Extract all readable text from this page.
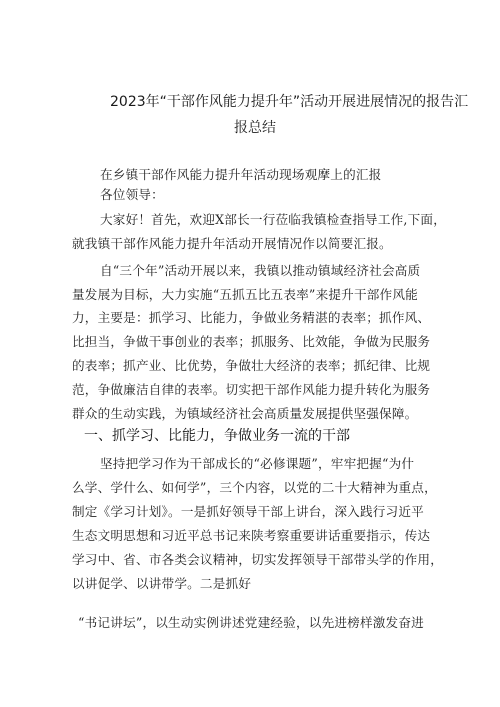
2023年“干部作风能力提升年”活动开展进展情况的报告汇
报总结
在乡镇干部作风能力提升年活动现场观摩上的汇报
各位领导：
大家好！首先，欢迎X部长一行莅临我镇检查指导工作,下面，
就我镇干部作风能力提升年活动开展情况作以简要汇报。
自“三个年”活动开展以来，我镇以推动镇域经济社会高质
量发展为目标，大力实施“五抓五比五表率”来提升干部作风能
力，主要是：抓学习、比能力，争做业务精湛的表率；抓作风、
比担当，争做干事创业的表率；抓服务、比效能，争做为民服务
的表率；抓产业、比优势，争做壮大经济的表率；抓纪律、比规
范，争做廉洁自律的表率。切实把干部作风能力提升转化为服务
群众的生动实践，为镇域经济社会高质量发展提供坚强保障。
一、抓学习、比能力，争做业务一流的干部
坚持把学习作为干部成长的“必修课题”，牢牢把握“为什
么学、学什么、如何学”，三个内容，以党的二十大精神为重点，
制定《学习计划》。一是抓好领导干部上讲台，深入践行习近平
生态文明思想和习近平总书记来陕考察重要讲话重要指示，传达
学习中、省、市各类会议精神，切实发挥领导干部带头学的作用，
以讲促学、以讲带学。二是抓好
“书记讲坛”，以生动实例讲述党建经验，以先进榜样激发奋进
